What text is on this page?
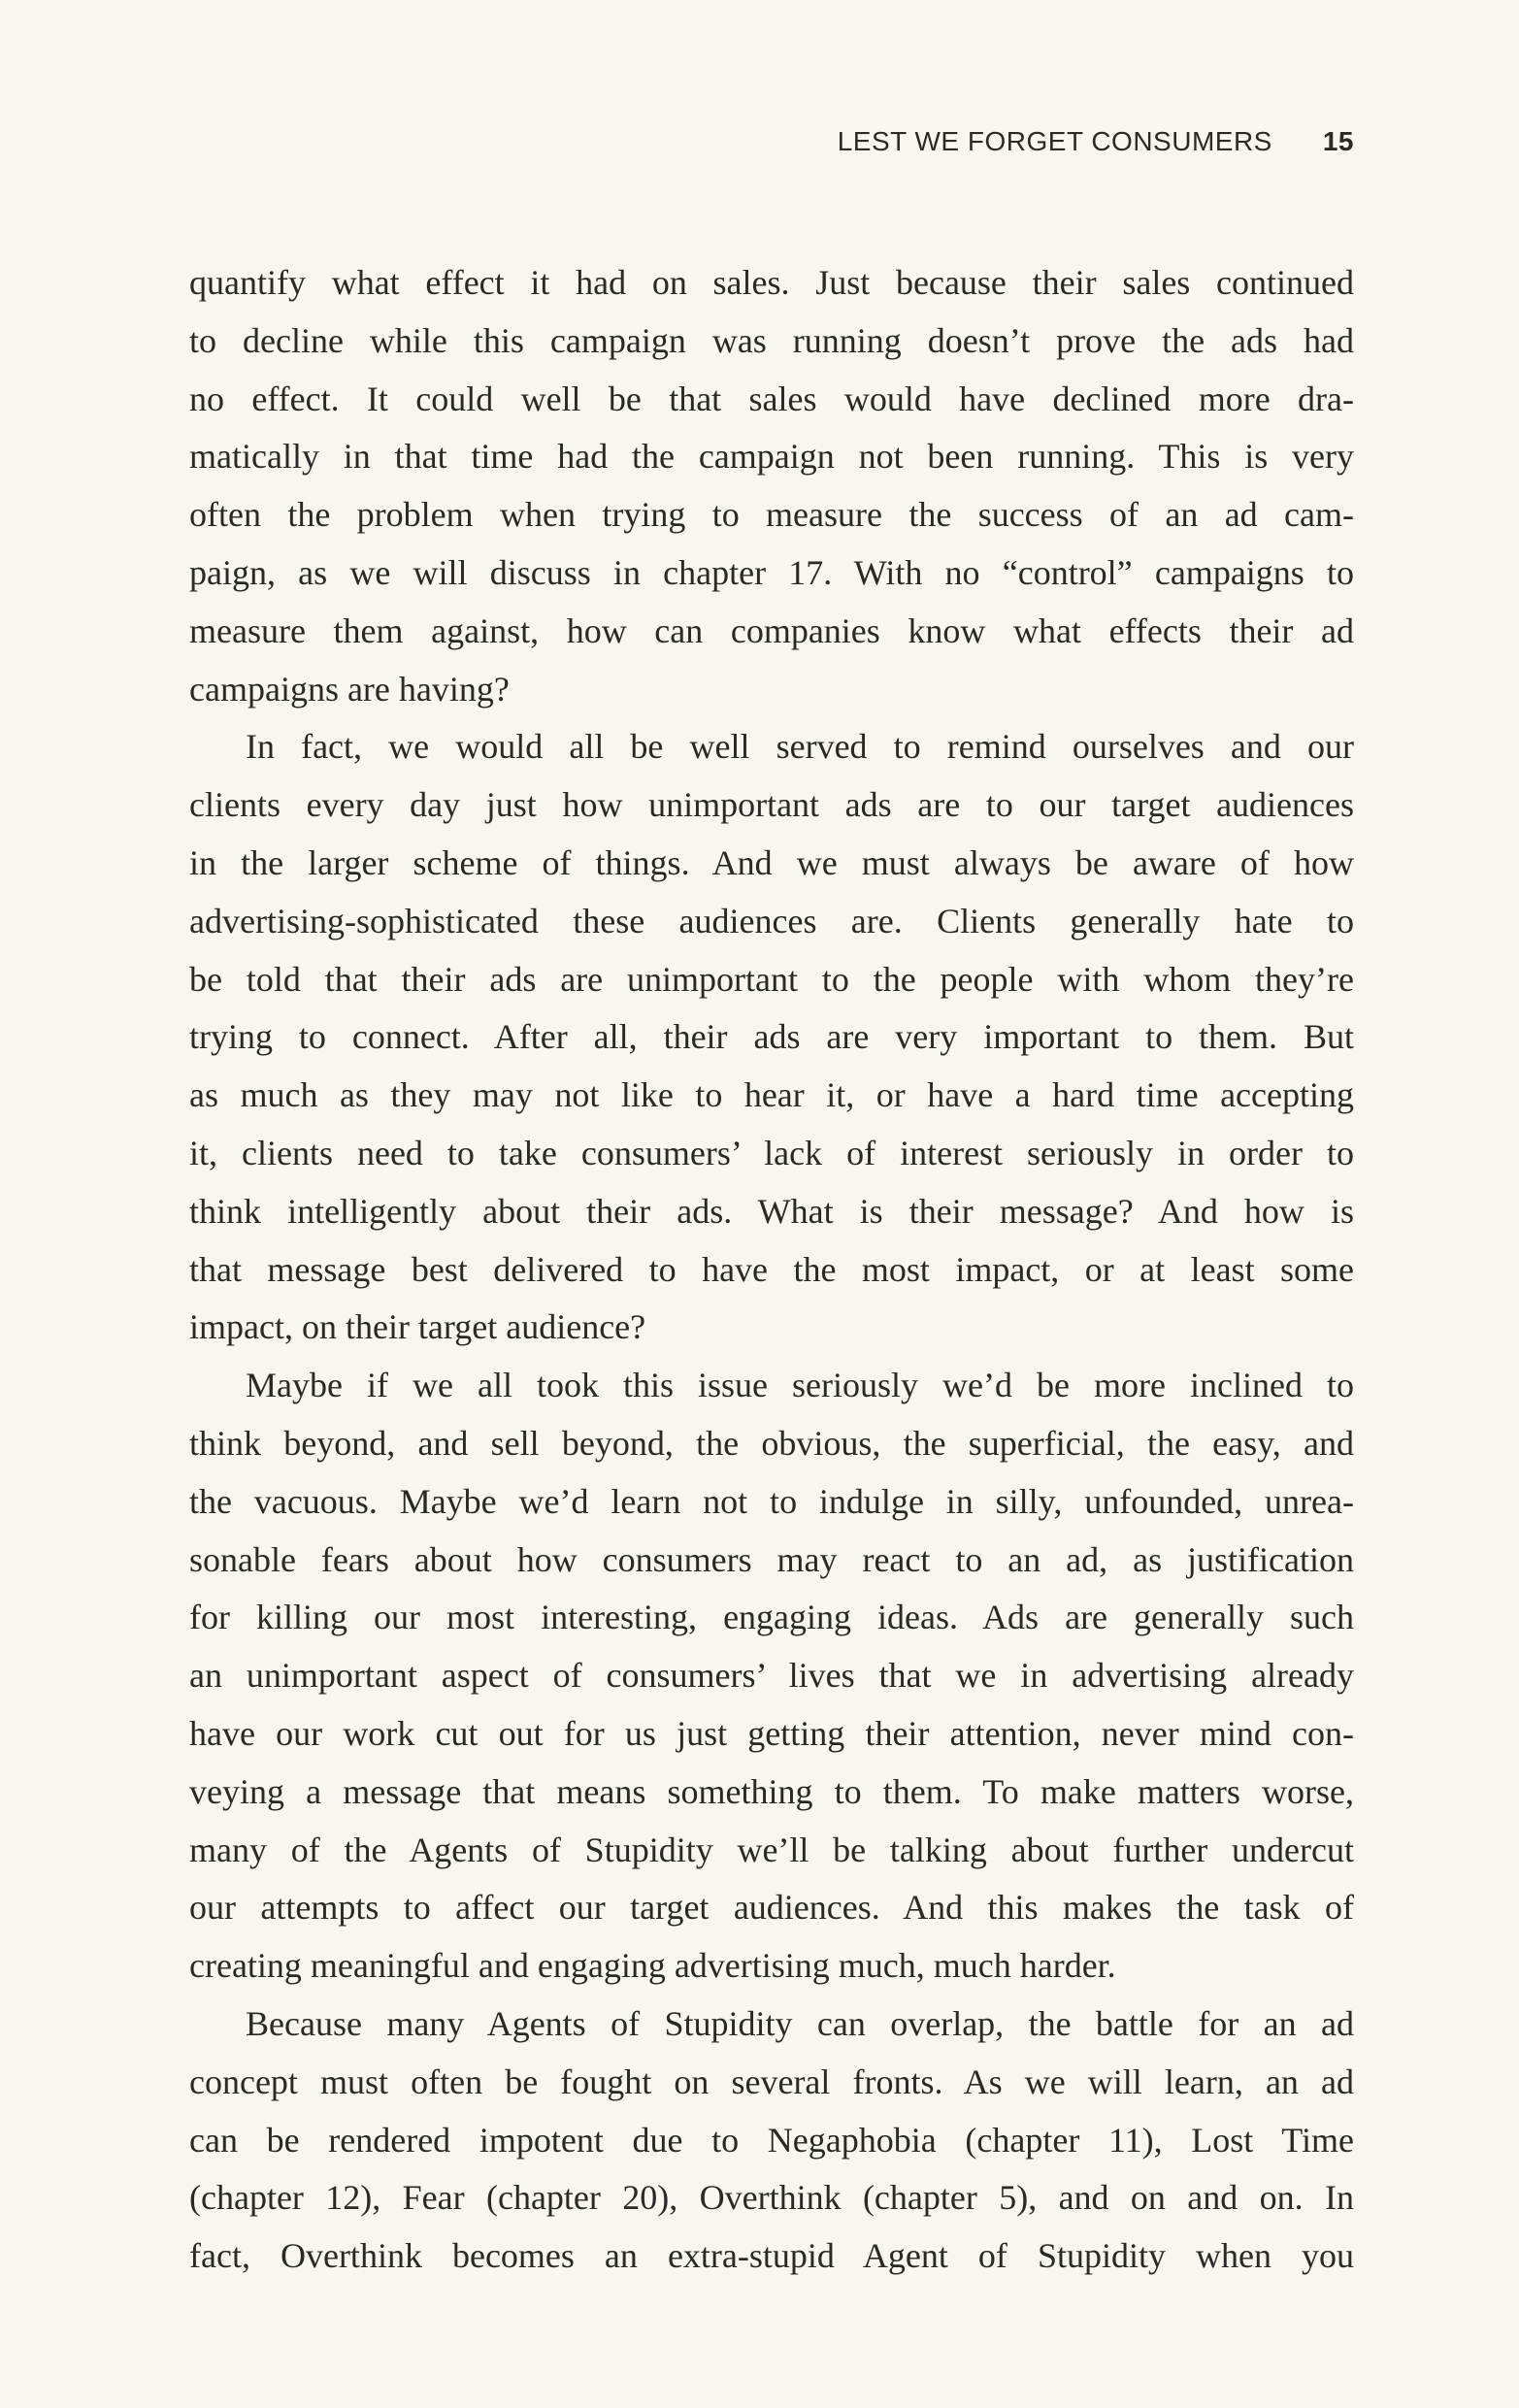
LEST WE FORGET CONSUMERS 15
quantify what effect it had on sales. Just because their sales continued
to decline while this campaign was running doesn’t prove the ads had
no effect. It could well be that sales would have declined more dra-
matically in that time had the campaign not been running. This is very
often the problem when trying to measure the success of an ad cam-
paign, as we will discuss in chapter 17. With no “control” campaigns to
measure them against, how can companies know what effects their ad
campaigns are having?
In fact, we would all be well served to remind ourselves and our
clients every day just how unimportant ads are to our target audiences
in the larger scheme of things. And we must always be aware of how
advertising-sophisticated these audiences are. Clients generally hate to
be told that their ads are unimportant to the people with whom they’re
trying to connect. After all, their ads are very important to them. But
as much as they may not like to hear it, or have a hard time accepting
it, clients need to take consumers’ lack of interest seriously in order to
think intelligently about their ads. What is their message? And how is
that message best delivered to have the most impact, or at least some
impact, on their target audience?
Maybe if we all took this issue seriously we’d be more inclined to
think beyond, and sell beyond, the obvious, the superficial, the easy, and
the vacuous. Maybe we’d learn not to indulge in silly, unfounded, unrea-
sonable fears about how consumers may react to an ad, as justification
for killing our most interesting, engaging ideas. Ads are generally such
an unimportant aspect of consumers’ lives that we in advertising already
have our work cut out for us just getting their attention, never mind con-
veying a message that means something to them. To make matters worse,
many of the Agents of Stupidity we’ll be talking about further undercut
our attempts to affect our target audiences. And this makes the task of
creating meaningful and engaging advertising much, much harder.
Because many Agents of Stupidity can overlap, the battle for an ad
concept must often be fought on several fronts. As we will learn, an ad
can be rendered impotent due to Negaphobia (chapter 11), Lost Time
(chapter 12), Fear (chapter 20), Overthink (chapter 5), and on and on. In
fact, Overthink becomes an extra-stupid Agent of Stupidity when you
